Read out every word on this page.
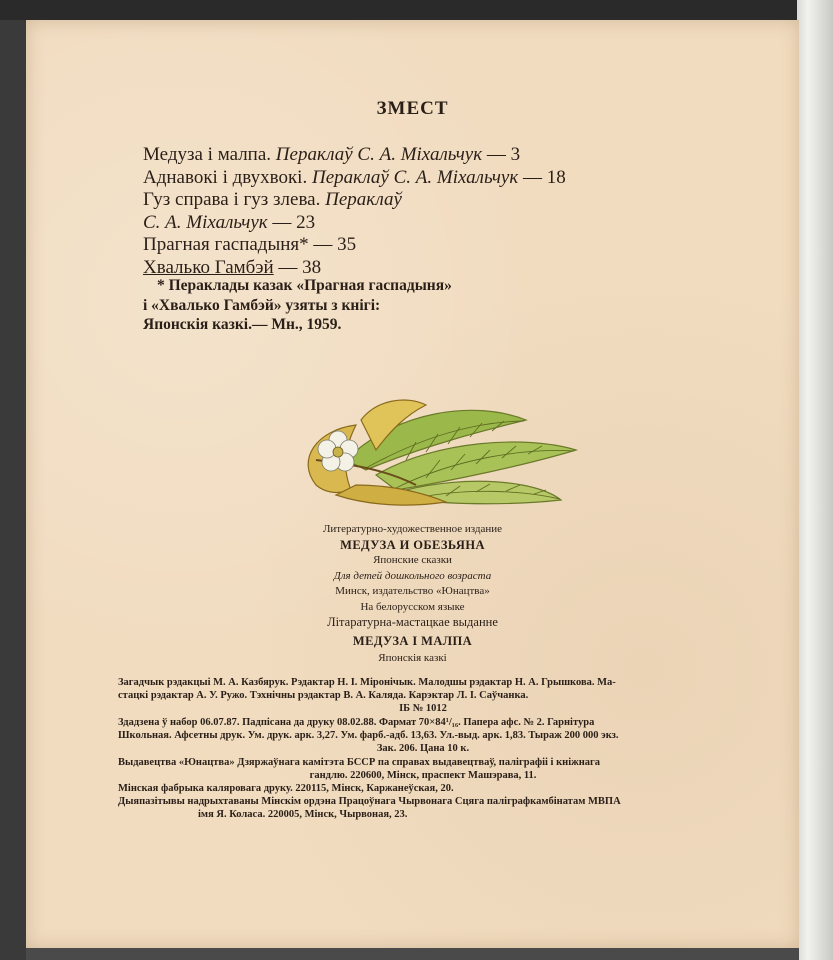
ЗМЕСТ
Медуза і малпа. Пераклаў С. А. Міхальчук — 3
Аднавокі і двухвокі. Пераклаў С. А. Міхальчук — 18
Гуз справа і гуз злева. Пераклаў
С. А. Міхальчук — 23
Прагная гаспадыня* — 35
Хвалько Гамбэй — 38
* Пераклады казак «Прагная гаспадыня»
і «Хвалько Гамбэй» узяты з кнігі:
Японскія казкі.— Мн., 1959.
Литературно-художественное издание
МЕДУЗА И ОБЕЗЬЯНА
Японские сказки
Для детей дошкольного возраста
Минск, издательство «Юнацтва»
На белорусском языке
Літаратурна-мастацкае выданне
МЕДУЗА І МАЛПА
Японскія казкі
Загадчык рэдакцыі М. А. Казбярук. Рэдактар Н. І. Міронічык. Малодшы рэдактар Н. А. Грышкова. Ма-
стацкі рэдактар А. У. Ружо. Тэхнічны рэдактар В. А. Каляда. Карэктар Л. І. Саўчанка.
ІБ № 1012
Здадзена ў набор 06.07.87. Падпісана да друку 08.02.88. Фармат 70×84¹/₁₆. Папера афс. № 2. Гарнітура
Школьная. Афсетны друк. Ум. друк. арк. 3,27. Ум. фарб.-адб. 13,63. Ул.-выд. арк. 1,83. Тыраж 200 000 экз.
Зак. 206. Цана 10 к.
Выдавецтва «Юнацтва» Дзяржаўнага камітэта БССР па справах выдавецтваў, паліграфіі і кніжнага
гандлю. 220600, Мінск, праспект Машэрава, 11.
Мінская фабрыка каляровага друку. 220115, Мінск, Каржанеўская, 20.
Дыяпазітывы надрыхтаваны Мінскім ордэна Працоўнага Чырвонага Сцяга паліграфкамбінатам МВПА
імя Я. Коласа. 220005, Мінск, Чырвоная, 23.
